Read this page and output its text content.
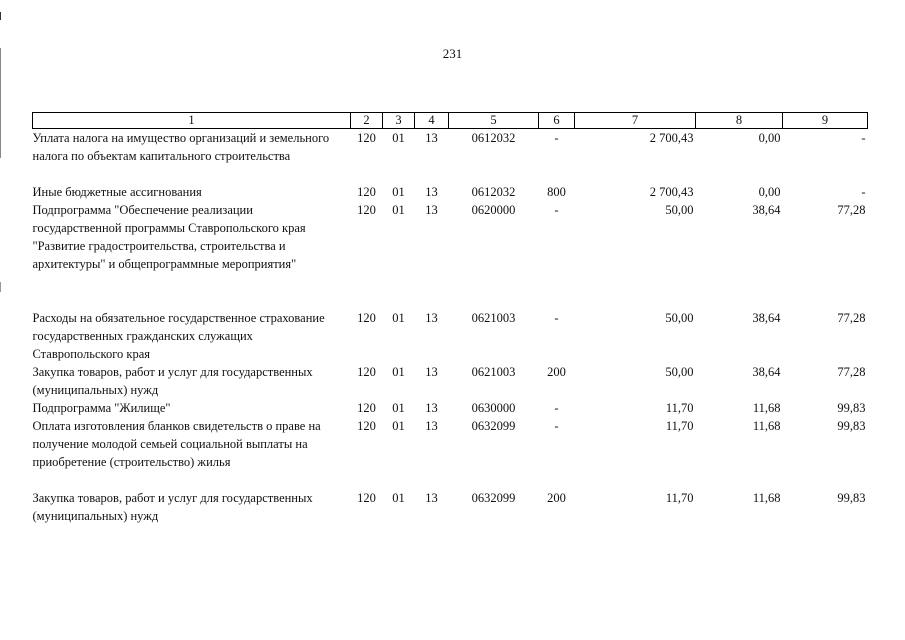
231
1	2	3	4	5	6	7	8	9
Уплата налога на имущество организаций и земельного налога по объектам капитального строительства	120	01	13	0612032	-	2 700,43	0,00	-
Иные бюджетные ассигнования	120	01	13	0612032	800	2 700,43	0,00	-
Подпрограмма "Обеспечение реализации государственной программы Ставропольского края "Развитие градостроительства, строительства и архитектуры" и общепрограммные мероприятия"	120	01	13	0620000	-	50,00	38,64	77,28
Расходы на обязательное государственное страхование государственных гражданских служащих Ставропольского края	120	01	13	0621003	-	50,00	38,64	77,28
Закупка товаров, работ и услуг для государственных (муниципальных) нужд	120	01	13	0621003	200	50,00	38,64	77,28
Подпрограмма "Жилище"	120	01	13	0630000	-	11,70	11,68	99,83
Оплата изготовления бланков свидетельств о праве на получение молодой семьей социальной выплаты на приобретение (строительство) жилья	120	01	13	0632099	-	11,70	11,68	99,83
Закупка товаров, работ и услуг для государственных (муниципальных) нужд	120	01	13	0632099	200	11,70	11,68	99,83
